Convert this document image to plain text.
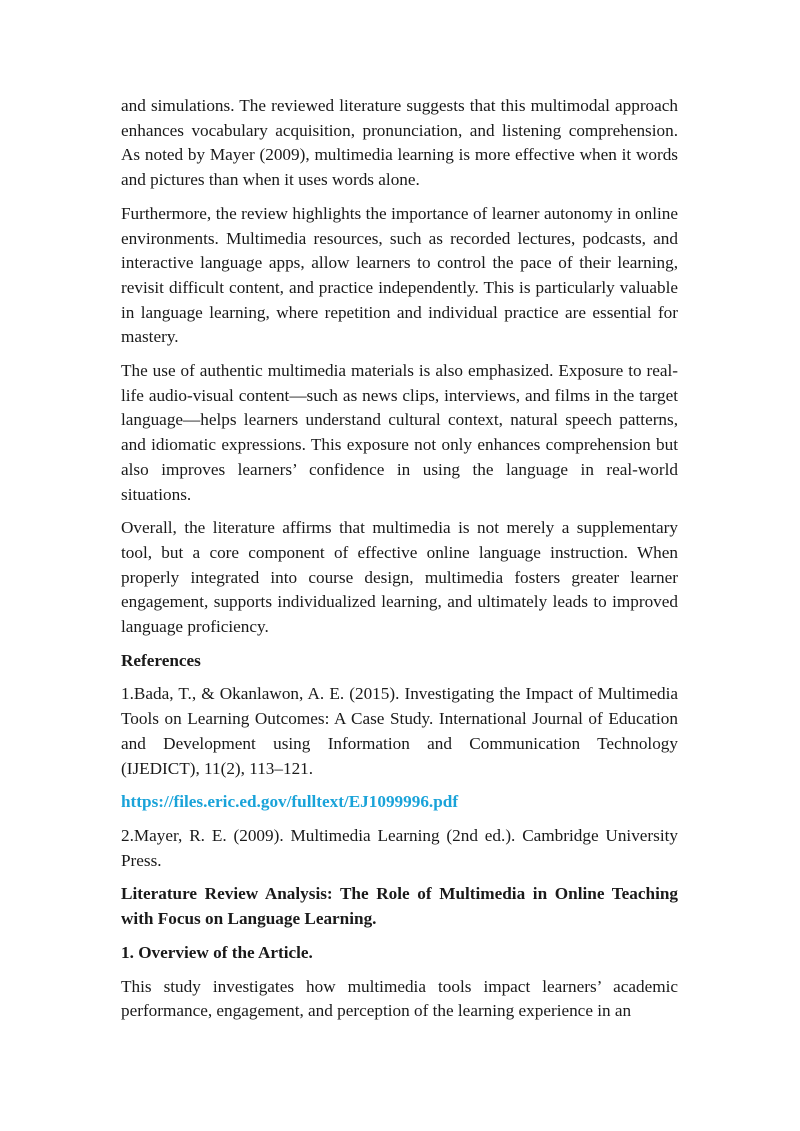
and simulations. The reviewed literature suggests that this multimodal approach enhances vocabulary acquisition, pronunciation, and listening comprehension. As noted by Mayer (2009), multimedia learning is more effective when it words and pictures than when it uses words alone.

Furthermore, the review highlights the importance of learner autonomy in online environments. Multimedia resources, such as recorded lectures, podcasts, and interactive language apps, allow learners to control the pace of their learning, revisit difficult content, and practice independently. This is particularly valuable in language learning, where repetition and individual practice are essential for mastery.

The use of authentic multimedia materials is also emphasized. Exposure to real-life audio-visual content—such as news clips, interviews, and films in the target language—helps learners understand cultural context, natural speech patterns, and idiomatic expressions. This exposure not only enhances comprehension but also improves learners’ confidence in using the language in real-world situations.

Overall, the literature affirms that multimedia is not merely a supplementary tool, but a core component of effective online language instruction. When properly integrated into course design, multimedia fosters greater learner engagement, supports individualized learning, and ultimately leads to improved language proficiency.

References

1.Bada, T., & Okanlawon, A. E. (2015). Investigating the Impact of Multimedia Tools on Learning Outcomes: A Case Study. International Journal of Education and Development using Information and Communication Technology (IJEDICT), 11(2), 113–121.

https://files.eric.ed.gov/fulltext/EJ1099996.pdf

2.Mayer, R. E. (2009). Multimedia Learning (2nd ed.). Cambridge University Press.

Literature Review Analysis: The Role of Multimedia in Online Teaching with Focus on Language Learning.

1. Overview of the Article.

This study investigates how multimedia tools impact learners’ academic performance, engagement, and perception of the learning experience in an
